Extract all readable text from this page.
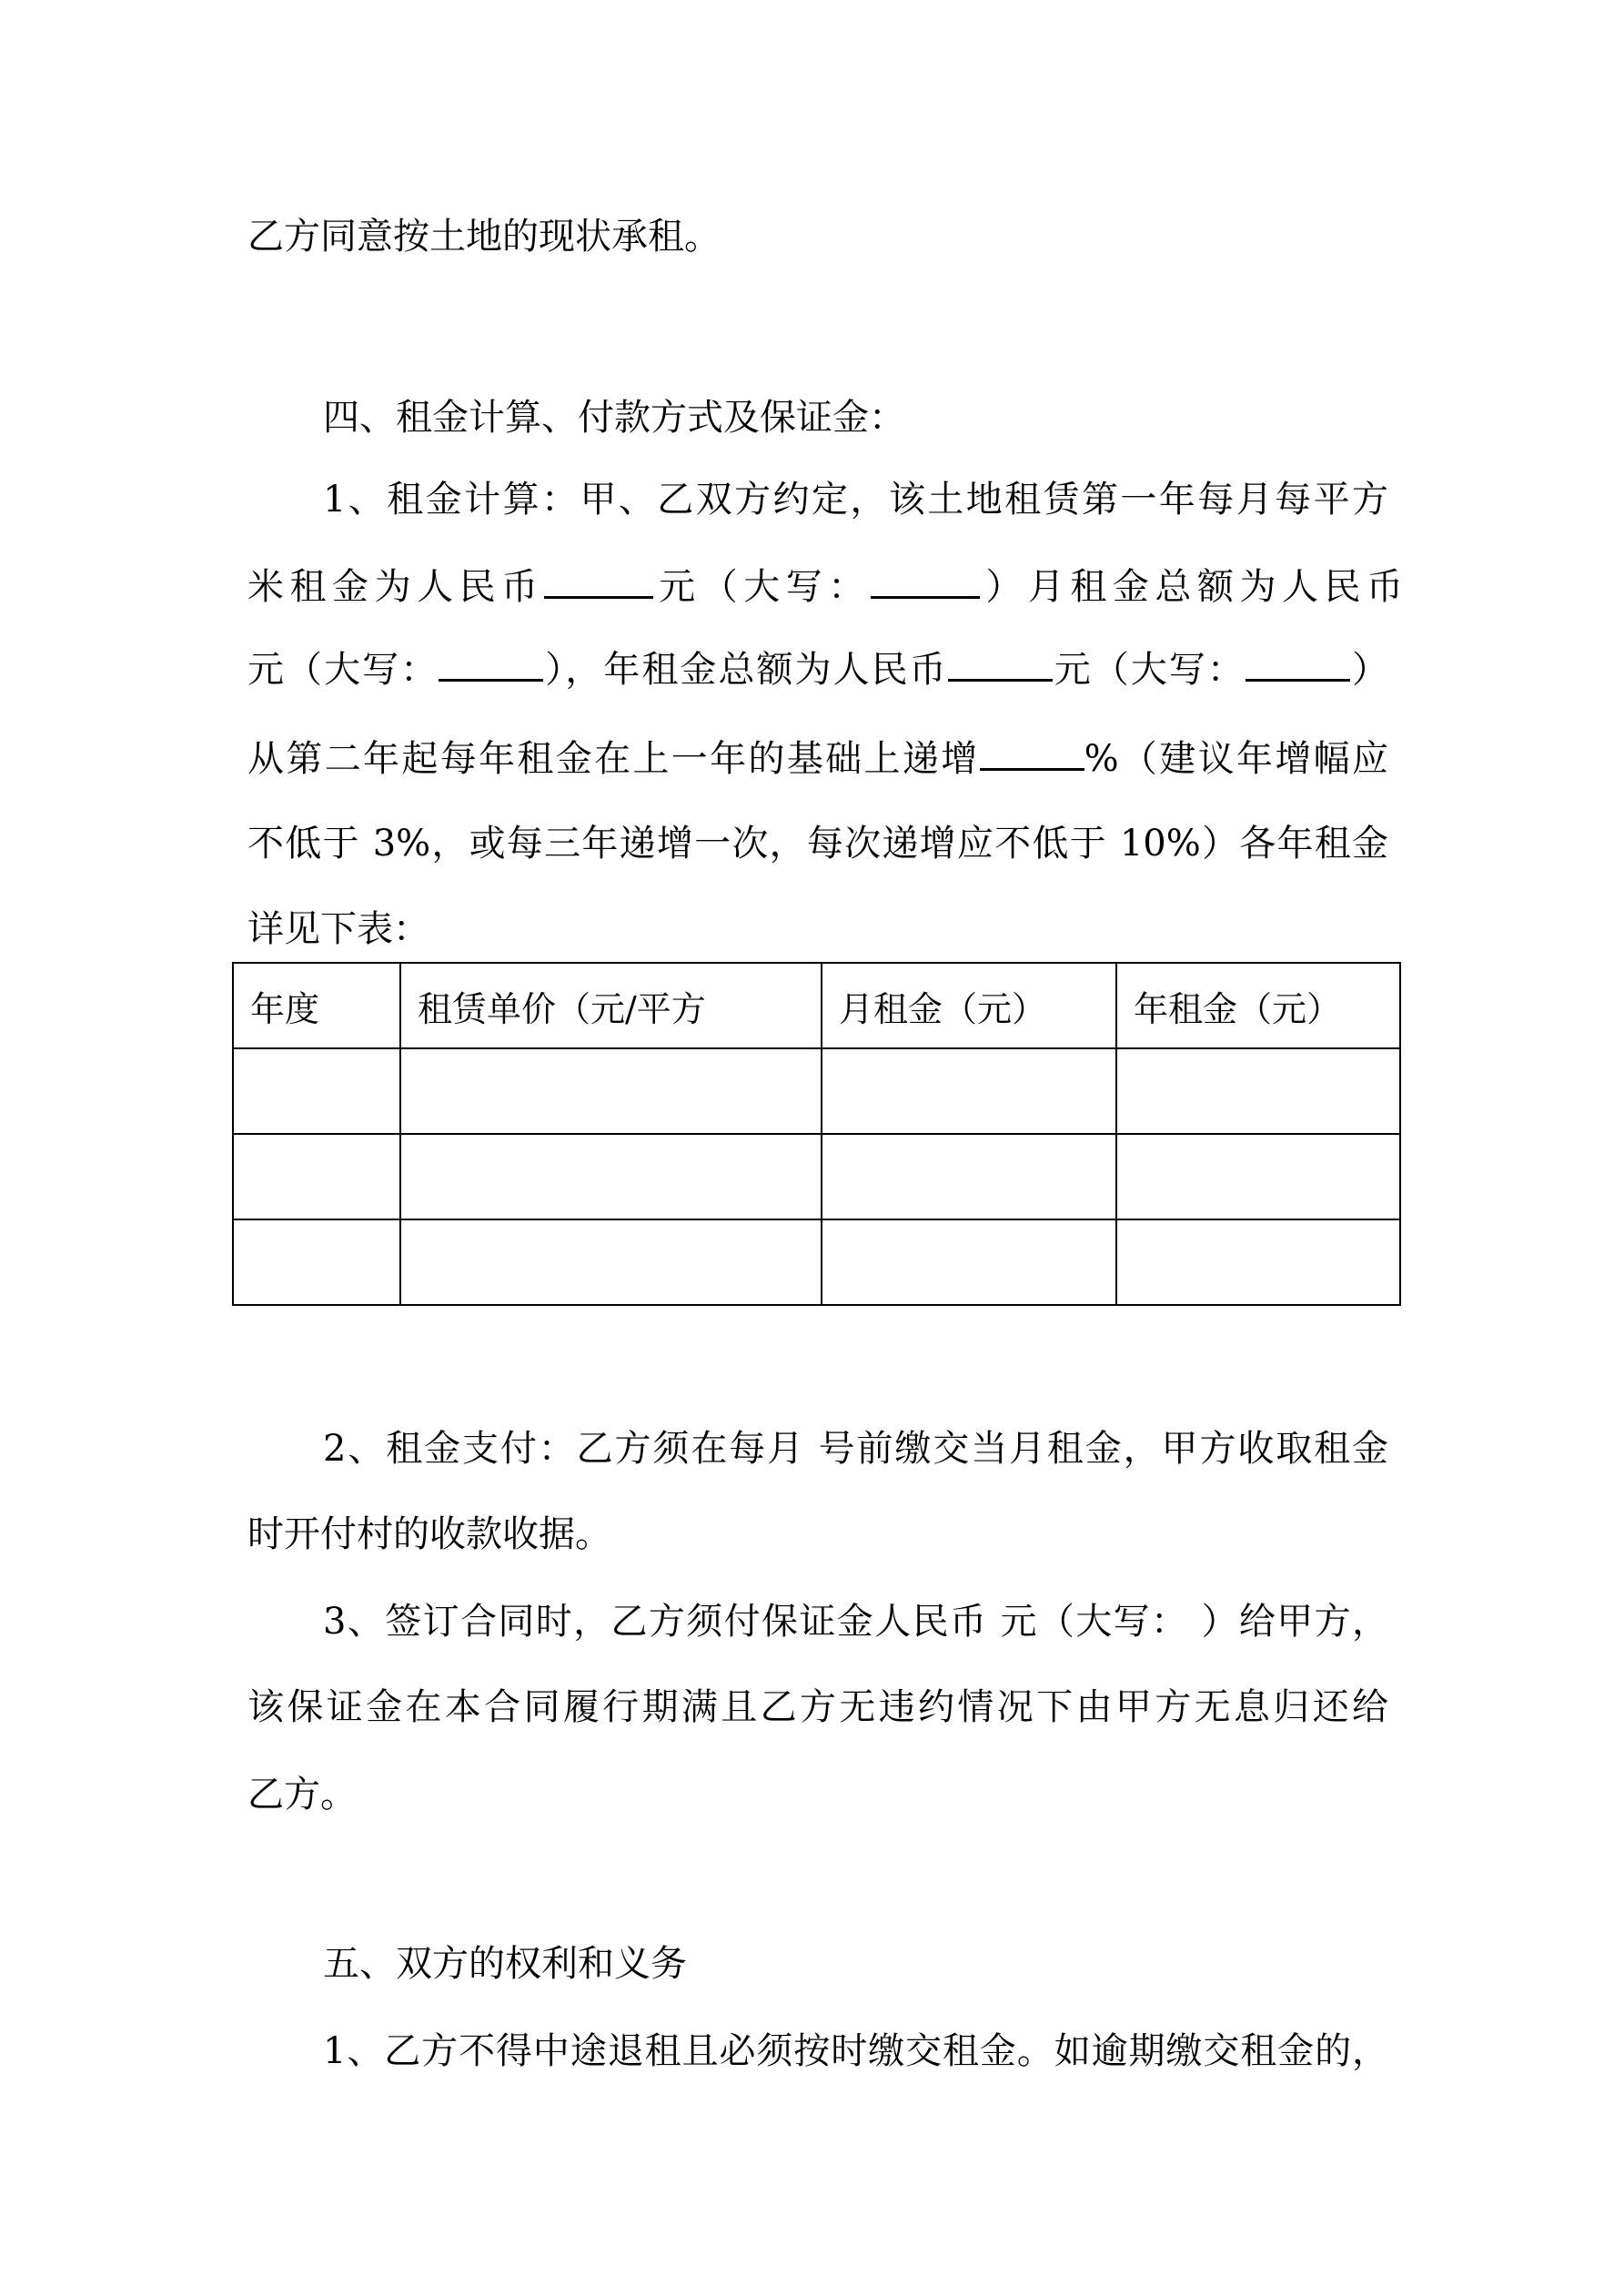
乙方同意按土地的现状承租。
四、租金计算、付款方式及保证金：
1、租金计算：甲、乙双方约定，该土地租赁第一年每月每平方
米租金为人民币	元（大写：	）月租金总额为人民币
元（大写：	），年租金总额为人民币	元（大写：	）
从第二年起每年租金在上一年的基础上递增	%（建议年增幅应
不低于 3%，或每三年递增一次，每次递增应不低于 10%）各年租金
详见下表：
年度	租赁单价（元/平方	月租金（元）	年租金（元）

2、租金支付：乙方须在每月 号前缴交当月租金，甲方收取租金
时开付村的收款收据。
3、签订合同时，乙方须付保证金人民币 元（大写： ）给甲方，
该保证金在本合同履行期满且乙方无违约情况下由甲方无息归还给
乙方。
五、双方的权利和义务
1、乙方不得中途退租且必须按时缴交租金。如逾期缴交租金的，
